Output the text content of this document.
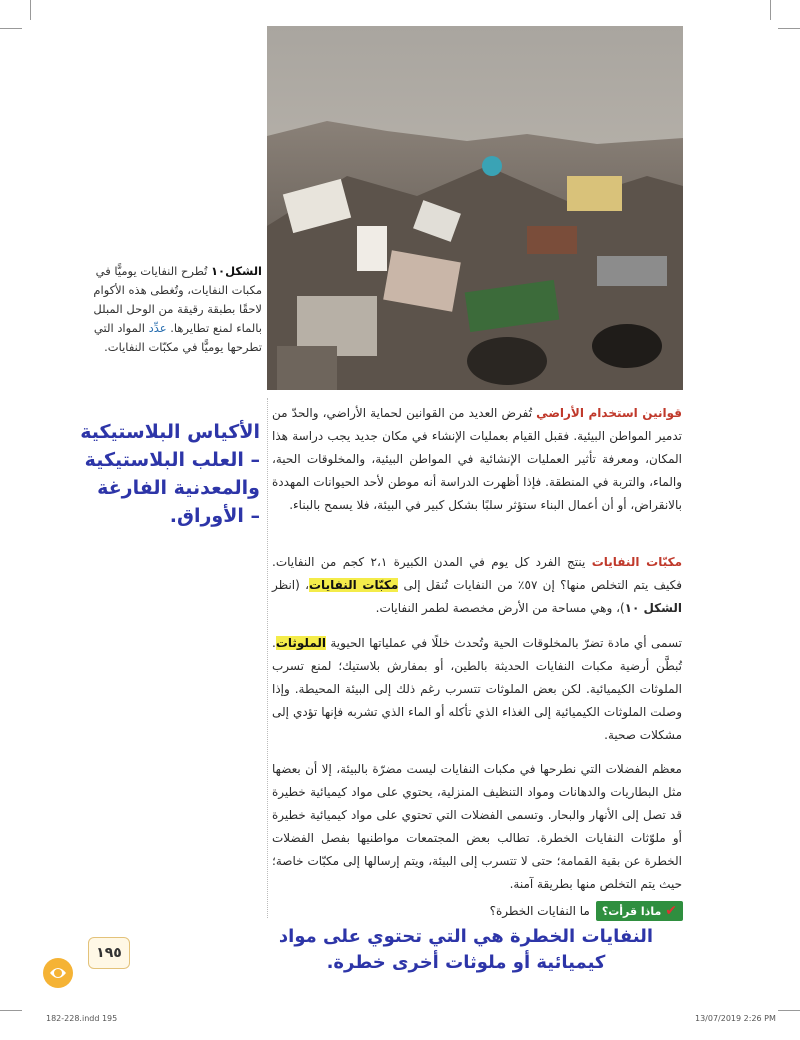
الشكل١٠ تُطرح النفايات يوميًّا في مكبات النفايات، وتُغطى هذه الأكوام لاحقًا بطبقة رقيقة من الوحل المبلل بالماء لمنع تطايرها. عدِّد المواد التي تطرحها يوميًّا في مكبّات النفايات.
الأكياس البلاستيكية
– العلب البلاستيكية
والمعدنية الفارغة
– الأوراق.
قوانين استخدام الأراضي تُفرض العديد من القوانين لحماية الأراضي، والحدّ من تدمير المواطن البيئية. فقبل القيام بعمليات الإنشاء في مكان جديد يجب دراسة هذا المكان، ومعرفة تأثير العمليات الإنشائية في المواطن البيئية، والمخلوقات الحية، والماء، والتربة في المنطقة. فإذا أظهرت الدراسة أنه موطن لأحد الحيوانات المهددة بالانقراض، أو أن أعمال البناء ستؤثر سلبًا بشكل كبير في البيئة، فلا يسمح بالبناء.
مكبّات النفايات ينتج الفرد كل يوم في المدن الكبيرة ٢،١ كجم من النفايات. فكيف يتم التخلص منها؟ إن ٥٧٪ من النفايات تُنقل إلى مكبّات النفايات، (انظر الشكل ١٠)، وهي مساحة من الأرض مخصصة لطمر النفايات.
تسمى أي مادة تضرّ بالمخلوقات الحية وتُحدث خللًا في عملياتها الحيوية الملوثات. تُبطَّن أرضية مكبات النفايات الحديثة بالطين، أو بمفارش بلاستيك؛ لمنع تسرب الملوثات الكيميائية. لكن بعض الملوثات تتسرب رغم ذلك إلى البيئة المحيطة. وإذا وصلت الملوثات الكيميائية إلى الغذاء الذي تأكله أو الماء الذي تشربه فإنها تؤدي إلى مشكلات صحية.
معظم الفضلات التي نطرحها في مكبات النفايات ليست مضرّة بالبيئة، إلا أن بعضها مثل البطاريات والدهانات ومواد التنظيف المنزلية، يحتوي على مواد كيميائية خطيرة قد تصل إلى الأنهار والبحار. وتسمى الفضلات التي تحتوي على مواد كيميائية خطيرة أو ملوّثات النفايات الخطرة. تطالب بعض المجتمعات مواطنيها بفصل الفضلات الخطرة عن بقية القمامة؛ حتى لا تتسرب إلى البيئة، ويتم إرسالها إلى مكبّات خاصة؛ حيث يتم التخلص منها بطريقة آمنة.
✔
ماذا قرأت؟
ما النفايات الخطرة؟
النفايات الخطرة هي التي تحتوي على مواد
كيميائية أو ملوثات أخرى خطرة.
١٩٥
182-228.indd 195	13/07/2019 2:26 PM
